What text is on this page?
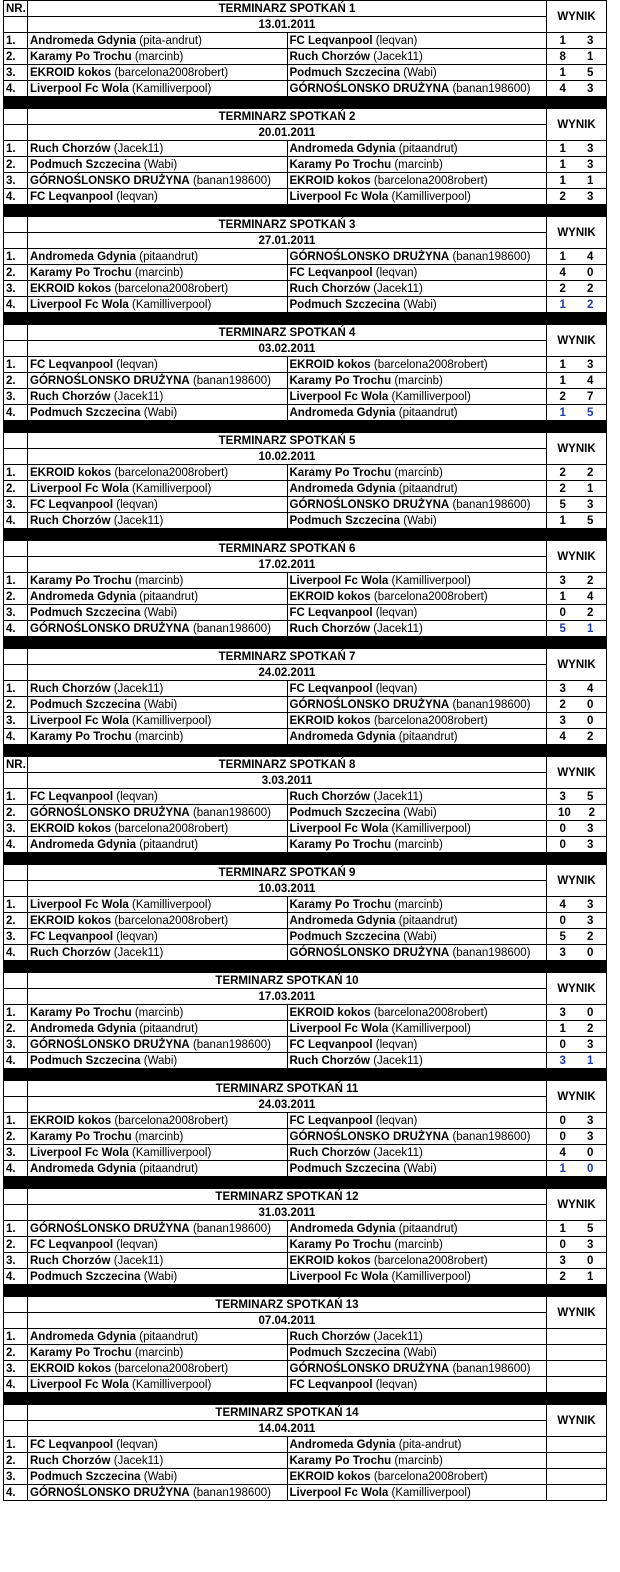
NR.	TERMINARZ SPOTKAŃ 1		WYNIK
	13.01.2011		
1.	Andromeda Gdynia (pita-andrut)	FC Leqvanpool (leqvan)	1 3

2.	Karamy Po Trochu (marcinb)	Ruch Chorzów (Jacek11)	8 1

3.	EKROID kokos (barcelona2008robert)	Podmuch Szczecina (Wabi)	1 5

4.	Liverpool Fc Wola (Kamilliverpool)	GÓRNOŚLONSKO DRUŻYNA (banan198600)	4 3
	TERMINARZ SPOTKAŃ 2		WYNIK
	20.01.2011		
1.	Ruch Chorzów (Jacek11)	Andromeda Gdynia (pitaandrut)	1 3

2.	Podmuch Szczecina (Wabi)	Karamy Po Trochu (marcinb)	1 3

3.	GÓRNOŚLONSKO DRUŻYNA (banan198600)	EKROID kokos (barcelona2008robert)	1 1

4.	FC Leqvanpool (leqvan)	Liverpool Fc Wola (Kamilliverpool)	2 3
	TERMINARZ SPOTKAŃ 3		WYNIK
	27.01.2011		
1.	Andromeda Gdynia (pitaandrut)	GÓRNOŚLONSKO DRUŻYNA (banan198600)	1 4

2.	Karamy Po Trochu (marcinb)	FC Leqvanpool (leqvan)	4 0

3.	EKROID kokos (barcelona2008robert)	Ruch Chorzów (Jacek11)	2 2

4.	Liverpool Fc Wola (Kamilliverpool)	Podmuch Szczecina (Wabi)	1 2
	TERMINARZ SPOTKAŃ 4		WYNIK
	03.02.2011		
1.	FC Leqvanpool (leqvan)	EKROID kokos (barcelona2008robert)	1 3

2.	GÓRNOŚLONSKO DRUŻYNA (banan198600)	Karamy Po Trochu (marcinb)	1 4

3.	Ruch Chorzów (Jacek11)	Liverpool Fc Wola (Kamilliverpool)	2 7

4.	Podmuch Szczecina (Wabi)	Andromeda Gdynia (pitaandrut)	1 5
	TERMINARZ SPOTKAŃ 5		WYNIK
	10.02.2011		
1.	EKROID kokos (barcelona2008robert)	Karamy Po Trochu (marcinb)	2 2

2.	Liverpool Fc Wola (Kamilliverpool)	Andromeda Gdynia (pitaandrut)	2 1

3.	FC Leqvanpool (leqvan)	GÓRNOŚLONSKO DRUŻYNA (banan198600)	5 3

4.	Ruch Chorzów (Jacek11)	Podmuch Szczecina (Wabi)	1 5
	TERMINARZ SPOTKAŃ 6		WYNIK
	17.02.2011		
1.	Karamy Po Trochu (marcinb)	Liverpool Fc Wola (Kamilliverpool)	3 2

2.	Andromeda Gdynia (pitaandrut)	EKROID kokos (barcelona2008robert)	1 4

3.	Podmuch Szczecina (Wabi)	FC Leqvanpool (leqvan)	0 2

4.	GÓRNOŚLONSKO DRUŻYNA (banan198600)	Ruch Chorzów (Jacek11)	5 1
	TERMINARZ SPOTKAŃ 7		WYNIK
	24.02.2011		
1.	Ruch Chorzów (Jacek11)	FC Leqvanpool (leqvan)	3 4

2.	Podmuch Szczecina (Wabi)	GÓRNOŚLONSKO DRUŻYNA (banan198600)	2 0

3.	Liverpool Fc Wola (Kamilliverpool)	EKROID kokos (barcelona2008robert)	3 0

4.	Karamy Po Trochu (marcinb)	Andromeda Gdynia (pitaandrut)	4 2
NR.	TERMINARZ SPOTKAŃ 8		WYNIK
	3.03.2011		
1.	FC Leqvanpool (leqvan)	Ruch Chorzów (Jacek11)	3 5

2.	GÓRNOŚLONSKO DRUŻYNA (banan198600)	Podmuch Szczecina (Wabi)	10 2

3.	EKROID kokos (barcelona2008robert)	Liverpool Fc Wola (Kamilliverpool)	0 3

4.	Andromeda Gdynia (pitaandrut)	Karamy Po Trochu (marcinb)	0 3
	TERMINARZ SPOTKAŃ 9		WYNIK
	10.03.2011		
1.	Liverpool Fc Wola (Kamilliverpool)	Karamy Po Trochu (marcinb)	4 3

2.	EKROID kokos (barcelona2008robert)	Andromeda Gdynia (pitaandrut)	0 3

3.	FC Leqvanpool (leqvan)	Podmuch Szczecina (Wabi)	5 2

4.	Ruch Chorzów (Jacek11)	GÓRNOŚLONSKO DRUŻYNA (banan198600)	3 0
	TERMINARZ SPOTKAŃ 10		WYNIK
	17.03.2011		
1.	Karamy Po Trochu (marcinb)	EKROID kokos (barcelona2008robert)	3 0

2.	Andromeda Gdynia (pitaandrut)	Liverpool Fc Wola (Kamilliverpool)	1 2

3.	GÓRNOŚLONSKO DRUŻYNA (banan198600)	FC Leqvanpool (leqvan)	0 3

4.	Podmuch Szczecina (Wabi)	Ruch Chorzów (Jacek11)	3 1
	TERMINARZ SPOTKAŃ 11		WYNIK
	24.03.2011		
1.	EKROID kokos (barcelona2008robert)	FC Leqvanpool (leqvan)	0 3

2.	Karamy Po Trochu (marcinb)	GÓRNOŚLONSKO DRUŻYNA (banan198600)	0 3

3.	Liverpool Fc Wola (Kamilliverpool)	Ruch Chorzów (Jacek11)	4 0

4.	Andromeda Gdynia (pitaandrut)	Podmuch Szczecina (Wabi)	1 0
	TERMINARZ SPOTKAŃ 12		WYNIK
	31.03.2011		
1.	GÓRNOŚLONSKO DRUŻYNA (banan198600)	Andromeda Gdynia (pitaandrut)	1 5

2.	FC Leqvanpool (leqvan)	Karamy Po Trochu (marcinb)	0 3

3.	Ruch Chorzów (Jacek11)	EKROID kokos (barcelona2008robert)	3 0

4.	Podmuch Szczecina (Wabi)	Liverpool Fc Wola (Kamilliverpool)	2 1
	TERMINARZ SPOTKAŃ 13		WYNIK
	07.04.2011		
1.	Andromeda Gdynia (pitaandrut)	Ruch Chorzów (Jacek11)	

2.	Karamy Po Trochu (marcinb)	Podmuch Szczecina (Wabi)	

3.	EKROID kokos (barcelona2008robert)	GÓRNOŚLONSKO DRUŻYNA (banan198600)	

4.	Liverpool Fc Wola (Kamilliverpool)	FC Leqvanpool (leqvan)	
	TERMINARZ SPOTKAŃ 14		WYNIK
	14.04.2011		
1.	FC Leqvanpool (leqvan)	Andromeda Gdynia (pita-andrut)	

2.	Ruch Chorzów (Jacek11)	Karamy Po Trochu (marcinb)	

3.	Podmuch Szczecina (Wabi)	EKROID kokos (barcelona2008robert)	

4.	GÓRNOŚLONSKO DRUŻYNA (banan198600)	Liverpool Fc Wola (Kamilliverpool)	
